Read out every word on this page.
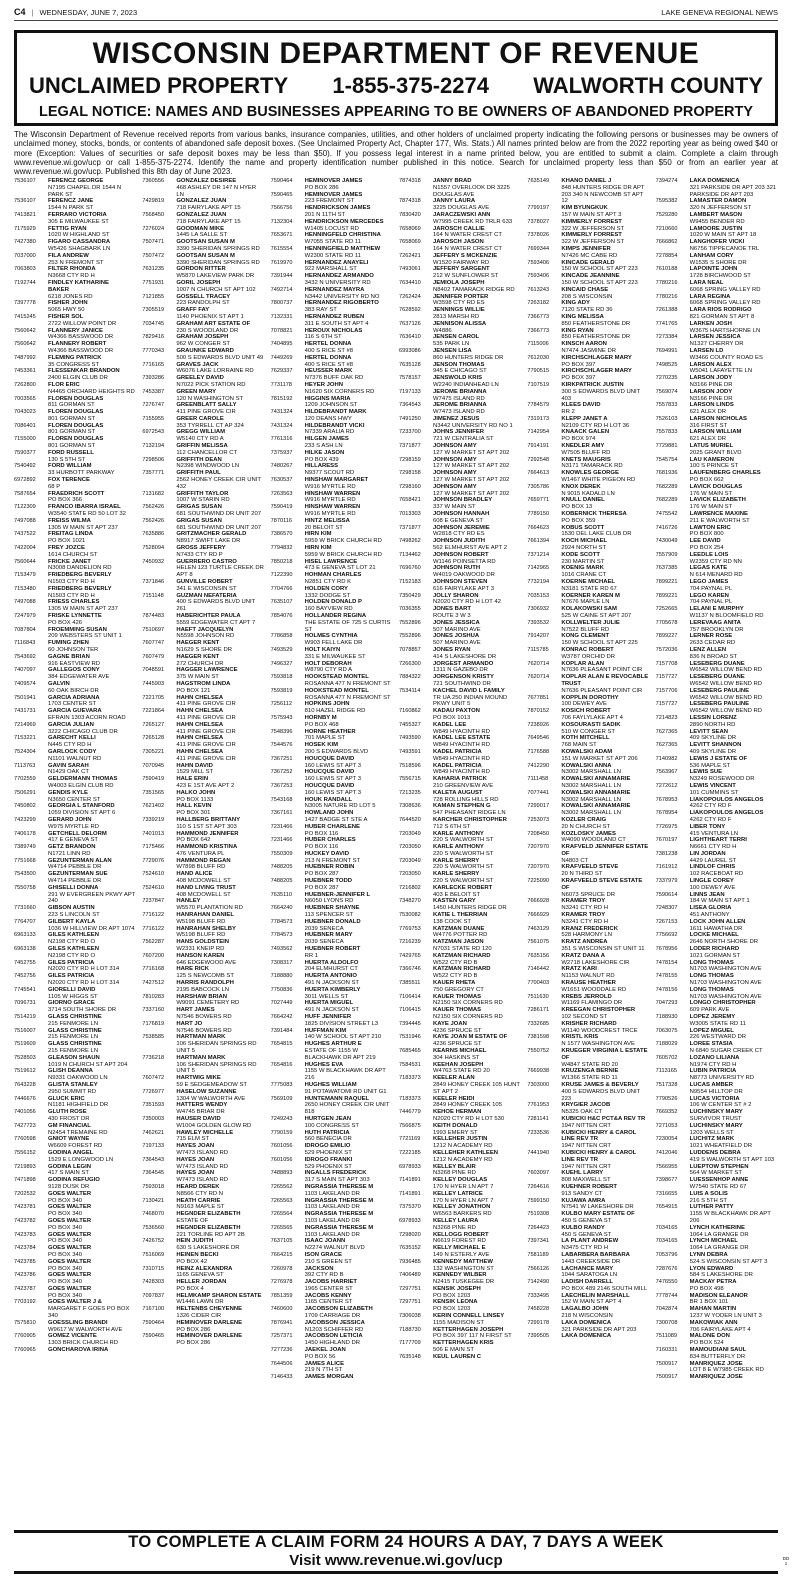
C4 | WEDNESDAY, JUNE 7, 2023	LAKE GENEVA REGIONAL NEWS
WISCONSIN DEPARTMENT OF REVENUE
UNCLAIMED PROPERTY 1-855-375-2274 WALWORTH COUNTY
LEGAL NOTICE: NAMES AND BUSINESSES APPEARING TO BE OWNERS OF ABANDONED PROPERTY
The Wisconsin Department of Revenue received reports from various banks, insurance companies, utilities, and other holders of unclaimed property indicating the following persons or businesses may be owners of unclaimed money, stocks, bonds, or contents of abandoned safe deposit boxes. (See Unclaimed Property Act, Chapter 177, Wis. Stats.) All names printed below are from the 2022 reporting year as being owed $40 or more (Exception: Values of securities or safe deposit boxes may be less than $50). If you possess legal interest in a name printed below, you are entitled to submit a claim. Complete a claim through www.revenue.wi.gov/ucp or call 1-855-375-2274. Identify the name and property identification number published in this notice. Search for unclaimed property less than $50 or from an earlier year at www.revenue.wi.gov/ucp. Published this 8th day of June 2023.
7536107	FERENCZ GEORGE
N7195 CHAPEL DR 1544 N PARK ST
7536107	FERENCZ JANE
1544 N PARK ST
7413821	FERRARO VICTORIA
305 E MILWAUKEE ST
7175929	FETTIG RYAN
1020 W HIGHLAND ST
7427380	FIGARO CASSANDRA
W5426 SHAGBARK LN
7037000	FILA ANDREW
253 N FREMONT ST
7063803	FILTER RHONDA
N3668 CTY RD H
7192744	FINDLEY KATHARINE
BAKER
6218 JONES RD
7397778	FISHER JOHN
5065 HWY 50
7415245	FISHER SOL
2722 WILLOW POINT DR
7560642	FLANNERY JANICE
W4366 BASSWOOD DR
7560642	FLANNERY ROBERT
W4366 BASSWOOD DR
7487992	FLEMING PATRICK
35 CONGRESS ST
7453361	FLESSENKAR BRANDON
2400 ELGIN CLUB DR
7262800	FLOR ERIC
N4465 ORCHARD HEIGHTS RD
7003565	FLOREN DOUGLAS
811 GORMAN ST
7043023	FLOREN DOUGLAS
801 GORMAN ST
7086401	FLOREN DOUGLAS
801 GORMAN ST
7155000	FLOREN DOUGLAS
801 GORMAN ST
7590377	FORD RUSSELL
130 S 5TH ST
7540492	FORD WILLIAM
33 HURBOTT PARKWAY
6972892	FOX TERENCE
68 P
7587654	FRAEDRICH SCOTT
PO BOX 366
7122309	FRANCO IBARRA ISRAEL
W3540 STATE RD 50 LOT 32
7497088	FREISS WILMA
1305 W MAIN ST APT 237
7437522	FREITAG LINDA
PO BOX 1021
7422004	FREY JOZCE
1614 CHURCH ST
7560644	FRICKE JANET
N3008 DANDELION RD
7153479	FRIEDBERG BEVERLY
N1503 CTY RD H
7153480	FRIEDBERG BEVERLY
N1503 CTY RD H
7497088	FRIESS CHARLES
1305 W MAIN ST APT 237
7247979	FRISKE LYNNETTE
PO BOX 426
7087804	FROEMMING SUSAN
209 WEBSTERS ST UNIT 1
7116843	FUMING ZHEN
60 JOHNSON TER
7543692	GAGNE BRIAN
916 EASTVIEW RD
7407097	GALLEGOS CONY
384 EDGEWATER AVE
7409574	GALVIN
60 OAK BIRCH DR
7501941	GARCIA ADRIANA
1703 CENTER ST
7431731	GARCIA GUEVARA
EFRAIN 1303 ACORN ROAD
7214969	GARCIA JULIAN
3222 CHICAGO CLUB DR
7153221	GARECHT KELLI
N445 CTY RD H
7524304	GARLOCK CODY
N1101 WALNUT RD
7113763	GAVIN SARAH
N1429 OAK CT
7702559	GELDERMANN THOMAS
W4003 ELGIN CLUB RD
7506291	GENDIS KYLE
N3650 CENTER ST
7450802	GEORGIA L STANFORD
1059 DIVISION ST APT 6
7423299	GERARD JOHN
W975 MYRTLE RD
7406178	GETCHELL DELORM
417 E GENEVA ST
7389749	GETZ BRANDON
N1721 LINN RD
7751668	GEZUNTERMAN ALAN
W4714 PEBBLE DR
7543500	GEZUNTERMAN SUE
W4714 PEBBLE DR
7550758	GHISELLI DONNA
291 W EVERGREEN PKWY APT 240
7731660	GIBSON AUSTIN
223 S LINCOLN ST
7764707	GILBERT KAYLA
1036 W HILLVIEW DR APT 1074
6963133	GILES KATHLEEN
N2198 CTY RD O
6963138	GILES KATHLEEN
N2198 CTY RD O
7452755	GILES PATRICIA
N2020 CTY RD H LOT 314
7452756	GILES PATRICIA
N2020 CTY RD H LOT 314
7745541	GIORELLI DAVID
1105 W HIGGS ST
7096731	GIORNO GRACE
3714 SOUTH SHORE DR
7514219	GLASS CHRISTINE
215 FENMORE LN
7516007	GLASS CHRISTINE
215 FENMORE LN
7519609	GLASS CHRISTINE
215 FENMORE LN
7528503	GLEASON SHAUN
1019 N CHURCH ST APT 204
7519612	GLISH DEANNA
N9331 OAKWOOD LN
7643228	GLISTA STANLEY
2950 SUMMIT RD
7446676	GLUCK ERIC
N1181 HIGHFIELD DR
7401056	GLUTH ROSE
430 FROST DR
7427723	GM FINANCIAL
N2454 TREMAINE RD
7760598	GNIOT WAYNE
W6609 FOREST RD
7556152	GODINA ANGEL
1529 E LONGWOOD LN
7219893	GODINA LEGIN
417 S MAIN ST
7471898	GODINA REFUGIO
9128 DUSK DR
7202532	GOES WALTER
PO BOX 340
7423781	GOES WALTER
PO BOX 340
7423782	GOES WALTER
PO BOX 340
7423783	GOES WALTER
PO BOX 340
7423784	GOES WALTER
PO BOX 340
7423785	GOES WALTER
PO BOX 340
7423786	GOES WALTER
PO BOX 340
7423787	GOES WALTER
PO BOX 340
7703192	GOES WALTER J &
MARGARET F GOES PO BOX 340
7575810	GOESSLING BRANDI
W9617 W WALWORTH AVE
7760905	GOMEZ VICENTE
1303 BRICK CHURCH RD
7760965	GONCHAROVA IRINA
7360556	GONZALEZ DESIREE
468 ASHLEY DR 147 N HYER LN
7429819	GONZALEZ JUAN
718 FAIRYLAKE APT 15
7568450	GONZALEZ JUAN
718 FAIRYLAKE APT 15
7276024	GOODMAN MIKE
1445 LA SALLE ST
7507471	GOOTSAN SUSAN M
3390 SHERIDAN SPRINGS RD
7507472	GOOTSAN SUSAN M
3390 SHERIDAN SPRINGS RD
7631235	GORDON RITTER
W5870 LAKEVIEW PARK DR
7751931	GORIL JOSEPH
1007 N CHURCH ST APT 102
7121855	GOSSELL TRACEY
223 RANDOLPH ST
7305519	GRAFF FAY
1140 PHOENIX ST APT 1
7034745	GRAHAM ART ESTATE OF
230 S WOODLAND DR
7829416	GRAHAM JOSEPH
962 W CONGER ST
7770343	GRAUNKE EDWARD
500 S EDWARDS BLVD UNIT 49
7716165	GRAVES JACK
W6076 LAKE LORRAINE RD
7393286	GREELEY DAVID
N7022 PICK STATION RD
7453387	GREEN MARY
120 N WASHINGTON ST
7276747	GREENBLATT SALLY
411 PINE GROVE CIR
7155955	GREER CAROLE
353 TYRRELL CT AP 324
6972543	GREGG WILLIAM
W5140 CTY RD A
7132194	GRIFFIN MELISSA
112 CHANCELLOR CT
7298506	GRIFFITH DEAN
N2398 WINDWOOD LN
7357771	GRIFFITH PAUL
2562 HONEY CREEK CIR UNIT 432
7131682	GRIFFITH TAYLOR
1007 W STARIN RD
7562426	GRIGAS SUSAN
681 SOUTHWIND DR UNIT 207
7562426	GRIGAS SUSAN
681 SOUTHWIND DR UNIT 207
7635886	GRITZMACHER GERALD
N8917 SWIFT LAKE DR
7528094	GROSS JEFFERY
N7433 CTY RD P
7450932	GUERRERO CASTRO
HELEN 123 TURTLE CREEK DR APT 8
7371846	GUNVILLE ROBERT
341 E WISCONSIN ST
7151148	GUZMAN NEFATERIA
400 S EDWARDS BLVD UNIT 261
7874483	HABERICHTER PAULA
5559 EDGEWATER CT APT 7
7510697	HAEFT JACQUELYN
N5598 JOHNSON RD
7607747	HAEGER KENT
N1629 S SHORE DR
7607479	HAEGER KENT
272 CHURCH DR
7048591	HAGGER LAWRENCE
375 W MAIN ST
7445903	HAGSTROM LINDA
PO BOX 121
7221705	HAHN CHELSEA
411 PINE GROVE CIR
7221864	HAHN CHELSEA
411 PINE GROVE CIR
7265127	HAHN CHELSEA
411 PINE GROVE CIR
7265128	HAHN CHELSEA
411 PINE GROVE CIR
7305221	HAHN CHELSEA
411 PINE GROVE CIR
7070945	HAHN DAVID
1529 MILL ST
7590419	HALE ERIN
423 E 1ST AVE APT 2
7351565	HALKO JOHN
PO BOX 1133
7621402	HALL KEVIN
PO BOX 301
7339219	HALLBERG BRITTANY
110 S 1ST ST APT 303
7401013	HAMMOND JENNIFER
PO BOX 642
7175466	HAMMOND KRISTINA
476 VENTURA PL
7729076	HAMMOND REGAN
W7898 BLUFF RD
7524610	HAND ALICE
408 MCDOWELL ST
7524610	HAND LIVING TRUST
408 MCDOWELL ST
7237847	HANLEY
W5570 PLANTATION RD
7716122	HANRAHAN DANIEL
W5198 BLUFF RD
7716122	HANRAHAN SHELBY
W5198 BLUFF RD
7562287	HANS GOLDSTEIN
W2331 KNEIP RD
7607200	HANSON KAREN
646 EDGEWOOD AVE
7716168	HARE RICK
125 S NEWCOMB ST
7427512	HARRIS RANDOLPH
2195 BABCOCK LN
7810283	HARSHAW BRIAN
W9091 CEMETERY RD
7337160	HART JAMES
N7546 BOWERS RD
7176819	HART JO
N7546 BOWERS RD
7538585	HARTMAN MARK
106 SHERIDAN SPRINGS RD UNIT 5
7736218	HARTMAN MARK
106 SHERIDAN SPRINGS RD UNIT 5
7607472	HARTWIG MIKE
59 E SEDGEMEADOW ST
7726977	HASELOW SUZANNE
1304 W WALWORTH AVE
7351593	HATTERS WENDY
W4745 BRIAR DR
7350003	HAUSER DAVID
W1004 GOLDEN GLOW RD
7462621	HAWLEY MICHELLE
715 ELM ST
7197133	HAYES JOAN
W7473 ISLAND RD
7364543	HAYES JOAN
W7473 ISLAND RD
7364545	HAYES JOAN
W7473 ISLAND RD
7593018	HEARD DEREK
N8566 CTY RD N
7130421	HEATH CARRIE
N9163 MAPLE ST
7468070	HEGNDER ELIZABETH
ESTATE OF
7536560	HEGNDER ELIZABETH
221 TORLINE RD APT 2B
7426752	HEIN JUDITH
630 S LAKESHORE DR
7516069	HEINEN BECKI
PO BOX 42
7310715	HEINZ ALEXANDRA
1165 GENEVA ST
7428303	HELLER JORDAN
PO BOX 4
7097837	HELMKAMP SHARON ESTATE
W1446 LAWN DR
7167100	HELTENBS CHEYENNE
1326 CIDER CIR
7590464	HEMINOVER DARLENE
PO BOX 286
7590465	HEMINOVER DARLENE
PO BOX 286
7590464	HEMINOVER JAMES
PO BOX 286
7590465	HEMINOVER JAMES
223 FREMONT ST
7566756	HENDRICKSON JAMES
201 N 11TH ST
7132304	HENDRICKSON MERCEDES
W1405 LOCUST RD
7653671	HENNINGFELD CHRISTINA
W7055 STATE RD 11
7615554	HENNINGFIELD MATTHEW
W2300 STATE RD 11
7619970	HERNANDEZ ANAYELI
922 MARSHALL ST
7391944	HERNANDEZ ARMANDO
3432 N UNIVERSITY RD
7492714	HERNANDEZ MAYRA
N3442 UNIVERSITY RD NO
7800737	HERNANDEZ RIGOBERTO
383 RAY ST
7132331	HERNANDEZ RUBEN
311 E SOUTH ST APT 4
7078821	HEROUX NICHOLAS
116 S 6TH ST
7404895	HERTEL DONNA
400 S RICE ST #8
7449269	HERTEL DONNA
400 S RICE ST #8
7629337	HEUSSER MARK
N7376 BUFF OAK RD
7731178	HEYER JOHN
N1620 SIX CORNERS RD
7815192	HIGGINS MARIA
1209 JOHNSON ST
7431324	HILDEBRANDT MARK
120 DEANS HWY
7431324	HILDEBRANDT VICKI
N7339 ARALIA RD
7761316	HILGEN JAMES
233 S ASH LN
7375937	HILKE JASON
PO BOX 439
7480267	HILLARESS
N9377 SCOUT RD
7630537	HINSHAW MARGARET
W916 MYRTLE RD
7263563	HINSHAW WARREN
W916 MYRTLE RD
7590419	HINSHAW WARREN
W916 MYRTLE RD
7870116	HINTZ MELISSA
20 BELOIT ST
7386570	HIRN KIM
5959 W BRICK CHURCH RD
7794832	HIRN KIM
5959 W BRICK CHURCH RD
7850218	HISEL LAWRENCE
473 E GENEVA ST LOT 21
7122390	HOHMAN CHARLES
N2851 CTY RD K
7704766	HOLDEN CORY
1332 DODGE ST
7635107	HOLDEN DONALD P
160 BAYVIEW RD
7854076	HOLLANDER REGINA
THE ESTATE OF 725 S CURTIS ST
7786858	HOLMES CYNTHIA
W903 FELL LAKE DR
7493529	HOLT KAIYN
331 E MILWAUKEE ST
7496327	HOLT DEBORAH
W8790 CTY RD A
7593818	HOOKSTEAD MONTEL
ROSANNA 477 N FREMONT ST
7593819	HOOKSTEAD MONTEL
ROSANNA 477 N FREMONT ST
7256112	HOPKINS JOHN
810 HAZEL RIDGE RD
7575943	HORNBY M
PO BOX 468
7548396	HORNE HEATHER
701 MAPLE ST
7544576	HOSEK KIM
200 S EDWARDS BLVD
7367251	HOUCQUE DAVID
160 LEWIS ST APT 3
7367252	HOUCQUE DAVID
160 LEWIS ST APT 3
7367253	HOUCQUE DAVID
160 LEWIS ST APT 3
7543168	HOUK RANDALL
N3005 NATURE RD LOT 5
7367161	HOWLAND JOHN
1427 BADGE ST STE A
7231466	HUBER CHARLENE
PO BOX 116
7231466	HUBER CHARLES
PO BOX 116
7550309	HUCKEY DAVID
213 N FREMONT ST
7488205	HUEBNER ROBIN
PO BOX 287
7488205	HUEBNER TODD
PO BOX 287
7635110	HUEBNER-JENNIFER L
N6050 LYONS RD
7664240	HUEBNER SHAYNE
113 SPENCER ST
7784573	HUEBNER DONALD
2039 SENECA
7784573	HUEBNER MARY
2039 SENECA
7493562	HUEBNER ROBERT
RR 1
7308317	HUERTA ALDOLFO
204 ELMHURST CT
7188880	HUERTA ANTONIO
491 N JACKSON ST
7750836	HUERTA KIMBERLY
3011 WELLS ST
7027449	HUERTA MIGUEL
491 N JACKSON ST
7664242	HUFF JENNIFER
1825 DIVISION STREET L3
7391484	HUFFMAN KIM
140 W SCHOOL ST APT 210
7654815	HUGHES ARTHUR E
ESTATE OF 1155 W BLACKHAWK DR APT 219
7654816	HUGHES EVA
1155 W BLACKHAWK DR APT 216
7775083	HUGHES WILLIAM
91 POTAWATOMI RD UNIT G1
7569109	HUNTEMANN RAQUEL
2650 HONEY CREEK CIR UNIT 818
7249243	HURTGEN JEAN
100 CONGRESS ST
7790159	HUTH PATRICIA
560 BENECIA DR
7601056	IDROGO EMILIO
529 PHOENIX ST
7601056	IDROGO FRANKI
529 PHOENIX ST
7488893	INGALLS FREDERICK
317 S MAIN ST APT 303
7265562	INGRASSIA THERESE M
1103 LAKELAND DR
7265563	INGRASSIA THERESE M
1103 LAKELAND DR
7265564	INGRASSIA THERESE M
1103 LAKELAND DR
7265565	INGRASSIA THERESE M
1103 LAKELAND DR
7637105	ISAAC JOANN
N2274 WALNUT BLVD
7664215	ISON GRACE
210 S GREEN ST
7260978	JACKSON
392 CTY RD B
7276978	JACOBS HARRIET
1965 CENTER ST
7851359	JACOBS KENNY
1165 CENTER ST
7460600	JACOBSON ELIZABETH
1709 CARRIAGE DR
7876941	JACOBSON JESSICA
N1203 SCHIFFER RD
7257371	JACOBSON LETICIA
1450 HIGHLAND DR
7277236	JAEKEL JOAN
PO BOX 56
7644506	JAMES ALICE
219 N 7TH ST
7146433	JAMES MORGAN
7874318	JANNY BRAD
N1557 OVERLOOK DR 3225 DOUGLAS AVE
7874318	JANNY LAURA
3225 DOUGLAS AVE
7830420	JARACZEWSKI ANN
W7995 CREEK RD TRLR 633
7658069	JAROSCH CALLIE
164 N WATER CREST CT
7658069	JAROSCH JASON
164 N WATER CREST CT
7262421	JEFFERY S MCKENZIE
W1520 FAIRWAY RD
7493061	JEFFERY SARGENT
212 W SUNFLOWER ST
7634410	JEMIOLA JOSEPH
N8402 TAMARACK RIDGE RD
7262424	JENNIFER PORTER
W3598 CTY RD ES
7628592	JENNINGS WILLIE
2813 MARSH RD
7637126	JENNISON ALISSA
W4886
7636410	JENSEN CAROL
535 PARK LN
6993086	JENSEN LISA
860 HUNTERS RIDGE DR
7635128	JENSON THOMAS
945 E CHICAGO ST
7578157	JENSWOLD KRIS
W2240 INDIANHEAD LN
7197133	JEROME BRIANNA
W7475 ISLAND RD
7364543	JEROME BRIANNA
W7473 ISLAND RD
7491250	JIMENEZ JESUS
N3442 UNIVERSITY RD NO 1
7233700	JOHNS JENNIFER
721 W CENTRALIA ST
7371877	JOHNSON AMY
127 W MARKET ST APT 202
7298159	JOHNSON AMY
127 W MARKET ST APT 202
7298158	JOHNSON AMY
127 W MARKET ST APT 202
7298160	JOHNSON AMY
127 W MARKET ST APT 202
7658421	JOHNSON BRADLEY
337 W MAIN ST
7013303	JOHNSON HANNAH
608 E GENEVA ST
7371877	JOHNSON JEREMIE
W2818 CTY RD ES
7498262	JOHNSON JUDITH
562 ELMHURST AVE APT 2
7134462	JOHNSON ROBERT
W1146 POINSETTA RD
7696760	JOHNSON RUTH
W4019 OAKWOOD DR
7152183	JOHNSON STEVEN
616 FAIRYLAKE APT 3
7350429	JOLLY SHARON
N2020 CTY RD H LOT 42
7036355	JONES BART
ROUTE 3 W 3
7552896	JONES JESSICA
507 MARINO AVE
7552896	JONES JOSHUA
507 MARINO AVE
7078857	JONES RYAN
414 S LAKESHORE DR
7266300	JORGEST ARMANDO
1311 N GAZEBO DR
7884322	JORGENSON KRISTY
721 SOUTHWIND DR
7534114	KACHEL DAVID L FAMILY
TR UA 250 INDIAN MOUND PKWY UNIT 5
7160862	KADAU PAXTON
PO BOX 1013
7455327	KADEL LEE
W849 HYACINTH RD
7493590	KADEL LEE ESTATE
W849 HYACINTH RD
7493591	KADEL PATRICIA
W849 HYACINTH RD
7518596	KADEL PATRICIA
W849 HYACINTH RD
7556715	KAHARIA PATRICK
210 GREENVIEW AVE
7213235	KALETA AUGUST
728 ROLLING HILLS RD
7308636	KAMAN STEPHEN G
547 PHEASANT RIDGE LN
7644520	KARCHER CHRISTOPHER
712 S 6TH ST
7203049	KARLE ANTHONY
220 S WALWORTH ST
7203050	KARLE ANTHONY
220 S WALWORTH ST
7203049	KARLE SHERRY
220 S WALWORTH ST
7203050	KARLE SHERRY
220 S WALWORTH ST
7216802	KARLECKE ROBERT
403 E BELOIT ST
7348270	KASTEN GARY
1450 HUNTERS RIDGE DR
7530082	KATIE L THERRIAN
138 COOK ST
7769753	KATZMAN DUANE
W4776 POTTER RD
7216239	KATZMAN JASON
N7031 STATE RD 120
7429765	KATZMAN RICHARD
W522 CTY RD B
7366746	KATZMAN RICHARD
W522 CTY RD B
7385511	KAUER RHETA
750 GREGORY CT
7106414	KAUER THOMAS
N2150 SIX CORNERS RD
7106415	KAUER THOMAS
N2150 SIX CORNERS RD
7394445	KAYE JOAN
4236 SPRUCE ST
7531946	KAYE JOAN M ESTATE OF
4236 SPRUCE ST
7685465	KEARNS MICHAEL
304 HASKINS ST
7584531	KEEHAN JOSEPH
W4763 STATE RD 20
7183373	KEELER ALAN
2849 HONEY CREEK 105 HUNT ST APT 2
7183373	KEELER HEIDI
2849 HONEY CREEK 105
7446779	KEHOE HERMAN
N2020 CTY RD H LOT 530
7566875	KEITH DONALD
1993 EMERY ST
7721169	KELLEHER JUSTIN
1212 N ACADEMY RD
7222185	KELLEHER KATHLEEN
1212 N ACADEMY RD
6978933	KELLEY BLAIR
N3268 PINE RD
7141891	KELLEY DOUGLAS
170 N HYER LN APT 7
7141891	KELLEY LATRICE
170 N HYER LN APT 7
7375370	KELLEY JONATHON
W6563 BARKERS RD
6978933	KELLEY LAURA
N3268 PINE RD
7298020	KELLOGG ROBERT
N6619 FOREST RD
7635152	KELLY MICHAEL E
149 N ESTERLY AVE
7936485	KENNEDY MATTHEW
132 WASHINGTON ST
7406489	KENNEDY WILBER
N2415 TUSKEGEE DR
7297751	KENSIK JOSEPH
PO BOX 1203
7297751	KENSIK LEONA
PO BOX 1203
7306038	KERIN CONNELL LINSEY
1155 MADISON ST
7188730	KETTERHAGEN JOSEPH
PO BOX 397 117 N FIRST ST
7177709	KETTERHAGEN KRIS
506 E MAIN ST
7635148	KEUL LAUREN C
7635149	KHANO DANIEL J
848 HUNTERS RIDGE DR APT 203 340 N NEWCOMB ST APT 12
7799197	KIM BYUNGKUK
157 W MAIN ST APT 3
7378027	KIMMERLY FORREST
322 W JEFFERSON ST
7378026	KIMMERLY FORREST
322 W JEFFERSON ST
7699344	KIMPS JENNIFER
N7426 MC CABE RD
7593406	KINCADE GERALD
150 W SCHOOL ST APT 223
7593406	KINCADE JEANNINE
150 W SCHOOL ST APT 223
7613243	KINCAID CHASE
208 S WISCONSIN
7263182	KING ADY
7120 STATE RD 36
7366773	KING MELISSA
850 FEATHERSTONE DR
7366773	KING RYAN
850 FEATHERSTONE DR
7115006	KINSCH AARON
N7474 JASMINE DR
7612030	KIRCHSCHLAGER MARY
PO BOX 397
7790515	KIRCHSCHLAGER MARY
PO BOX 397
7107519	KIRKPATRICK JUSTIN
300 S EDWARDS BLVD UNIT 403
7784579	KLEES DAVID
RR 2
7319173	KLEPP JANET A
N2109 CTY RD H LOT 36
7142954	KNAACK GALEN
PO BOX 974
7914191	KNEDLER AMY
W7505 BLUFF RD
7292548	KNETS MAUGRIS
N3171 TAMARACK RD
7664613	KNOWLES GEORGE
W1467 WHITE PIGEON RD
7305786	KNOX DEREK
N 9015 KADALD LN
7659771	KNULL DANIEL
PO BOX 13
7789150	KOBERNICK THERESA
PO BOX 359
7664623	KOBUS SCOTT
1530 DEL LAKE CLUB DR
7661394	KOCH MICHAEL
2924 NORTH ST
7371214	KODE SCOTT
230 MARTIN ST
7142965	KOENIG MARK
1016 CRANE CT
7732194	KOERNE MICHAEL
N3181 STATE RD 67
7035153	KOERNER KAREN M
N7676 MAPLE LN
7306932	KOLAKOWSKI SAM
525 W CAINE ST APT 207
7393532	KOLLWELTER JULIE
N7522 BLUFF RD
7914207	KONG CLEMENT
150 W SCHOOL ST APT 225
7115785	KONRAC ROBERT
W3787 ORCHID DR
7620714	KOPLAR ALAN
N7636 PLEASANT POINT CIR
7620714	KOPLAR ALAN E REVOCABLE TRUST
N7636 PLEASANT POINT CIR
7677851	KOPPLIN DOROTHY
100 DEWEY AVE
7870152	KOSICH ROBERT
706 FAYLYLAKE APT 4
7238926	KOSOURASTI SADIK
510 W CONGER ST
7649546	KOTH MITCHELL
768 MAIN ST
7176588	KOWALSKI ADAM
151 W MARKET ST APT 206
7412290	KOWALSKI ANNA
N3002 MARSHALL LN
7111458	KOWALSKI ANNAMARIE
N3002 MARSHALL LN
7077441	KOWALSKI ANNAMARIE
N3002 MARSHALL LN
7299017	KOWALSKI ANNAMARIE
N3002 MARSHALL LN
7253073	KOZLER CRAIG
20 N CHURCH ST
7208450	KOZLOSKY JAMES
W4090 WOODLAND CT
7207970	KRAFVELD JENNIFER ESTATE OF
N4803 CT
7207970	KRAFVEELD STEVE
20 N THIRD ST
7225090	KRAFVEELD STEVE ESTATE OF
N6073 SPRUCE DR
7666928	KRAMER TROY
N3241 CTY RD H
7666929	KRAMER TROY
N3241 CTY RD H
7463129	KRANZ FREDERICK
528 HARMONY LN
7561075	KRATZ ANDREA
351 S WISCONSIN ST UNIT 11
7635156	KRATZ DANA A
W2718 LAKESHORE CIR
7146442	KRATZ KARI
N1153 WALNUT RD
7700403	KRAUSE HEATHER
W1651 WOODDALE RD
7511630	KREBS JERROLD
W1169 FLAMINGO DR
7286171	KREEGAN CHRISTOPHER
102 SECOND ST
7332685	KRISHER RICHARD
W1140 WOODCREST TRCE
7381598	KRISTL KRIS
N 1577 WASHINGTON AVE
7550752	KRUEGER VIRGINIA L ESTATE OF
W4847 STATE RD 20
7669938	KRUZENGA BERNIE
W1366 STATE RD 11
7303000	KRUSE JAMES & BEVERLY
400 S EDWARDS BLVD UNIT 223
7761953	KRYGIER JACOB
N5325 OAK CT
7281141	KUBICKI H&C PCT&A REV TR
1947 NITTEN CRT
7233536	KUBICKI HENRY & CAROL LINE REV TR
1947 NITTEN CRT
7441940	KUBICKI HENRY & CAROL LINE REV TR
1947 NITTEN CRT
7603097	KUEHL LARRY
808 MAXWELL ST
7264616	KUEHNER ROBERT
913 SANDY CT
7599150	KUJAWA AMRA
N7541 W LAKESHORE DR
7519308	KULBO MARY ESTATE OF
450 S GENEVA ST
7264423	KULBO RANDY
450 S GENEVA ST
7397341	LA PLANT ANDREW
N3475 CTY RD H
7581189	LABARBERA BARBARA
1443 CREEKSIDE DR
7566126	LACHANCE MARY
1044 SARATOGA LN
7142490	LADISH DARRELL
PO BOX 489 2146 SOUTH MILL
7333495	LAECHELIN MARSHALL
152 W MAIN ST APT 4
7458228	LAGALBO JOHN
218 N WISCONSIN
7299178	LAKA DOMENICA
321 PARKSIDE DR APT 203
7399505	LAKA DOMENICA
7394274	LAKA DOMENICA
321 PARKSIDE DR APT 203 321 PARKSIDE DR APT 203
7595382	LAMASTER DAMON
320 N JEFFERSON ST
7529280	LAMBERT MASON
W9455 BENDER RD
7210660	LAMOORE JUSTIN
1020 W MAIN ST APT 18
7666862	LANGHOFER VICKI
N6756 TIPPECANOE TRL
7278854	LANHAM CORY
W1535 S SHORE DR
7610188	LAPOINTE JOHN
1728 BIRCHWOOD ST
7780216	LARA NEAL
6068 SPRING VALLEY RD
7780216	LARA REGINA
6068 SPRING VALLEY RD
7261388	LARA RIOS RODRIGO
821 GORMAN ST APT 8
7741765	LARKEN JOSH
W3675 HARTSHORNE LN
7273384	LARSEN JESSICA
N1327 CHERRY DR
7694991	LARSEN LD
W3466 COUNTY ROAD ES
7498525	LARSON ALEX
W5041 LAFAYETTE LN
7270235	LARSON JODY
N3166 PINE DR
7569074	LARSON JODY
N3166 PINE DR
7557833	LARSON LINDS
621 ALEX DR
7526103	LARSON NICHOLAS
316 FIRST ST
7557833	LARSON WILLIAM
621 ALEX DR
7729881	LATUS MURIEL
2025 GRANT BLVD
7545754	LAU KAMERON
100 S PRINCE ST
7681936	LAUFENBERG CHARLES
PO BOX 662
7682289	LAVICK DOUGLAS
176 W MAIN ST
7682289	LAVICK ELIZABETH
176 W MAIN ST
7475542	LAWRENCE MAXINE
211 E WALWORTH ST
7416726	LAWTON ERIC
PO BOX 800
7430049	LEE DAVID
PO BOX 254
7557909	LEEDLE LOIS
W2359 CTY RD NN
7637385	LEGAS KATE
N 614 MENARD RD
7899221	LEGO JAMES
704 PAYNAL PL
7899221	LEGO KAREN
704 PAYNAL PL
7252665	LELANI E MURPHY
W1137 N BLOOMFIELD RD
7705678	LEREVAAG ANITA
757 BROOKLYN DR
7899227	LERNER ROSE
2633 CEDAR RD
7572036	LENZ ALLEN
836 N BROAD ST
7157708	LESEBERG DUANE
W6542 WILLOW BEND RD
7157727	LESEBERG DUANE
W6542 WILLOW BEND RD
7157706	LESEBERG PAULINE
W6542 WILLOW BEND RD
7157727	LESEBERG PAULINE
W6542 WILLOW BEND RD
7214823	LESSIN LORENZ
2890 NORTH RD
7627365	LEVITT SEAN
409 SKYLINE DR
7627365	LEVITT SHANNON
409 SKYLINE DR
7140982	LEWIS J ESTATE OF
536 MAPLE ST
7563967	LEWIS SUE
N3249 ROSEWOOD DR
7272612	LEWIS VINCENT
101 CUMMINS ST
7678953	LIAKOPOULOS ANGELOS
4262 CTY RD F
7678954	LIAKOPOULOS ANGELOS
4262 CTY RD F
7726975	LIBER TONY
415 VENTURA LN
7670197	LIGHTHEART TERRI
N6661 CTY RD H
7381238	LIN JORDAN
4429 LAUREL ST
7161912	LINDLOF CHRIS
102 RACEBOAT RD
7337979	LINGLE COREY
100 DEWEY AVE
7590614	LINNS JEAN
184 W MAIN ST APT 1
7248307	LISEA GLORIA
451 ANTHONY
7267153	LOCK JOHN ALLEN
1611 HAWATHA DR
7756692	LOCKE MICHAEL
2646 NORTH SHORE DR
7678956	LODER RICHARD
1021 GORMAN ST
7478154	LONG THOMAS
N1703 WASHINGTON AVE
7478155	LONG THOMAS
N1703 WASHINGTON AVE
7478156	LONG THOMAS
N1703 WASHINGTON AVE
7047293	LONGO CHRISTOPHER
609 PARK AVE
7188930	LOPEZ JEREMY
W3005 STATE RD 11
7063075	LOPEZ MIGUEL
226 WESTWARD DR
7188029	LOREE STASIA
N 6840 SUGAR CREEK CT
7605702	LOZANO LILIANA
N1974 CTY RD H
7113165	LUBIN PATRICIA
N8773 UNIVERSITY RD
7517328	LUCAS AMBER
N9554 HILLTOP DR
7790526	LUCAS VICTORIA
106 W CENTER ST # 2
7669352	LUCHINSKY MARY
SURVIVOR TRUST
7271053	LUCHINSKY MARY
1203 WELLS ST
7230054	LUCHITZ MARK
1021 WHEATFIELD DR
7412046	LUDDENS DEBRA
419 S WALWORTH ST APT 103
7566955	LUEPTOW STEPHEN
564 W MARKET ST
7398677	LUESSENHOP ANNE
W7540 STATE RD 67
7316655	LUIS A SOLIS
216 S 5TH ST
7654915	LUTHER PATTY
1155 W BLACKHAWK DR APT 206
7034165	LYNCH KATHERINE
1064 LA GRANGE DR
7034165	LYNCH MICHAEL
1064 LA GRANGE DR
7053796	LYNN DEBRA
524 S WISCONSIN ST APT 3
7287676	LYON EDWARD
584 S LAKESHORE DR
7476550	MACKAY PETRA
PO BOX 498
7778744	MADISON ELEANOR
BR 1 BOX 101
7042874	MAHAN MARTIN
1237 W YODER LN UNIT 3
7300708	MAKOWIAK ANN
706 FAIRYLAKE APT 4
7511089	MALONE DON
PO BOX 524
7160331	MAMOUDIANI SAUL
834 BUTTERFLY DR
7500917	MANRIQUEZ JOSE
LOT 8 E W7985 CREEK RD
7500917	MANRIQUEZ JOSE
TO COMPLETE A CLAIM FORM 24 HOURS A DAY, 7 DAYS A WEEK
Visit www.revenue.wi.gov/ucp	DD 1
